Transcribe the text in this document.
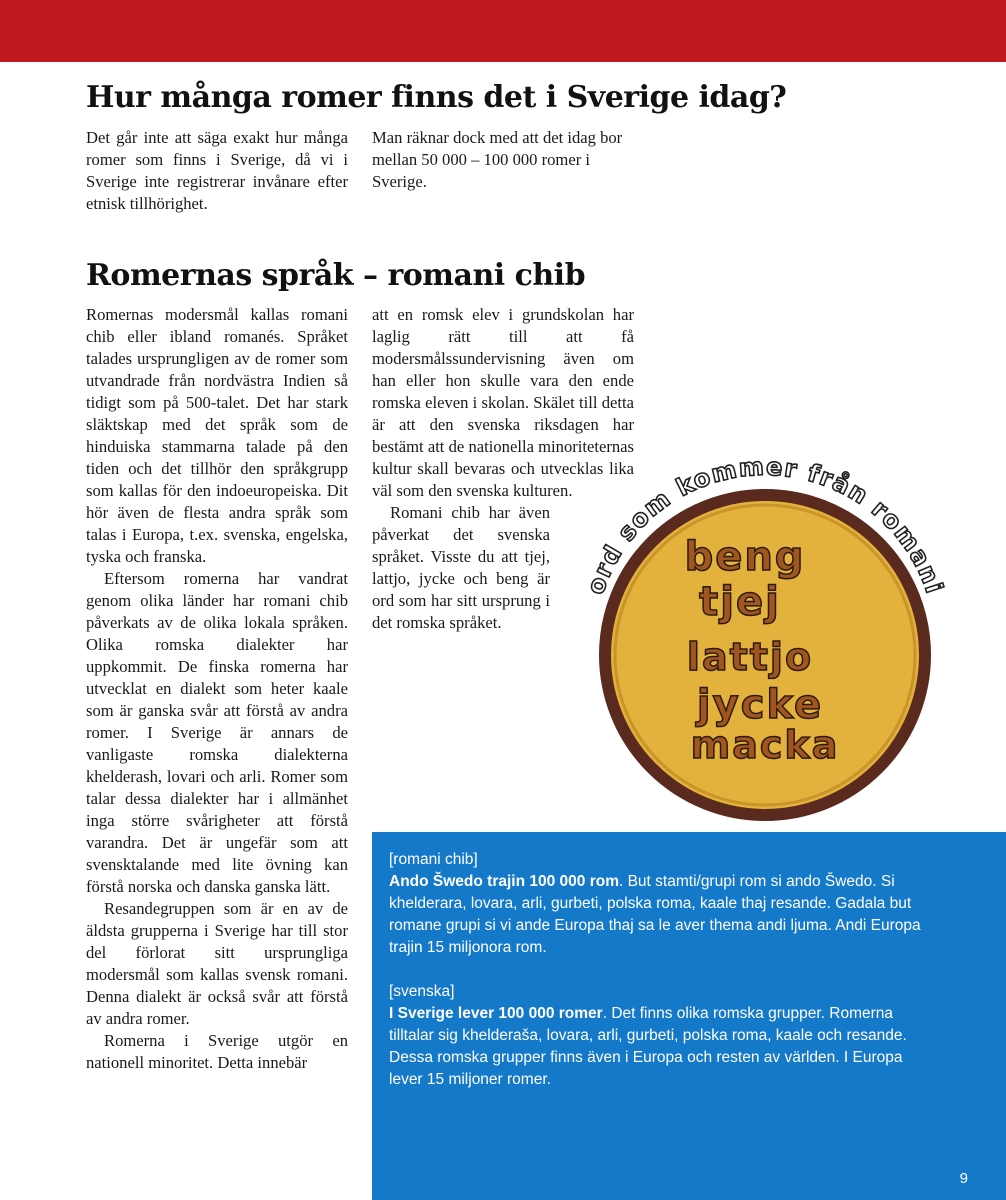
Hur många romer finns det i Sverige idag?

Det går inte att säga exakt hur många romer som finns i Sverige, då vi i Sverige inte registrerar invånare efter etnisk tillhörighet.

Man räknar dock med att det idag bor mellan 50 000 – 100 000 romer i Sverige.

Romernas språk – romani chib

Romernas modersmål kallas romani chib eller ibland romanés. Språket talades ursprungligen av de romer som utvandrade från nordvästra Indien så tidigt som på 500-talet. Det har stark släktskap med det språk som de hinduiska stammarna talade på den tiden och det tillhör den språkgrupp som kallas för den indoeuropeiska. Dit hör även de flesta andra språk som talas i Europa, t.ex. svenska, engelska, tyska och franska.

Eftersom romerna har vandrat genom olika länder har romani chib påverkats av de olika lokala språken. Olika romska dialekter har uppkommit. De finska romerna har utvecklat en dialekt som heter kaale som är ganska svår att förstå av andra romer. I Sverige är annars de vanligaste romska dialekterna khelderash, lovari och arli. Romer som talar dessa dialekter har i allmänhet inga större svårigheter att förstå varandra. Det är ungefär som att svensktalande med lite övning kan förstå norska och danska ganska lätt.

Resandegruppen som är en av de äldsta grupperna i Sverige har till stor del förlorat sitt ursprungliga modersmål som kallas svensk romani. Denna dialekt är också svår att förstå av andra romer.

Romerna i Sverige utgör en nationell minoritet. Detta innebär

att en romsk elev i grundskolan har laglig rätt till att få modersmålssundervisning även om han eller hon skulle vara den ende romska eleven i skolan. Skälet till detta är att den svenska riksdagen har bestämt att de nationella minoriteternas kultur skall bevaras och utvecklas lika väl som den svenska kulturen.

Romani chib har även påverkat det svenska språket. Visste du att tjej, lattjo, jycke och beng är ord som har sitt ursprung i det romska språket.

ord som kommer från romani
beng
tjej
lattjo
jycke
macka

[romani chib]

Ando Šwedo trajin 100 000 rom. But stamti/grupi rom si ando Šwedo. Si khelderara, lovara, arli, gurbeti, polska roma, kaale thaj resande. Gadala but romane grupi si vi ande Europa thaj sa le aver thema andi ljuma. Andi Europa trajin 15 miljonora rom.

[svenska]

I Sverige lever 100 000 romer. Det finns olika romska grupper. Romerna tilltalar sig khelderaša, lovara, arli, gurbeti, polska roma, kaale och resande. Dessa romska grupper finns även i Europa och resten av världen. I Europa lever 15 miljoner romer.

9
